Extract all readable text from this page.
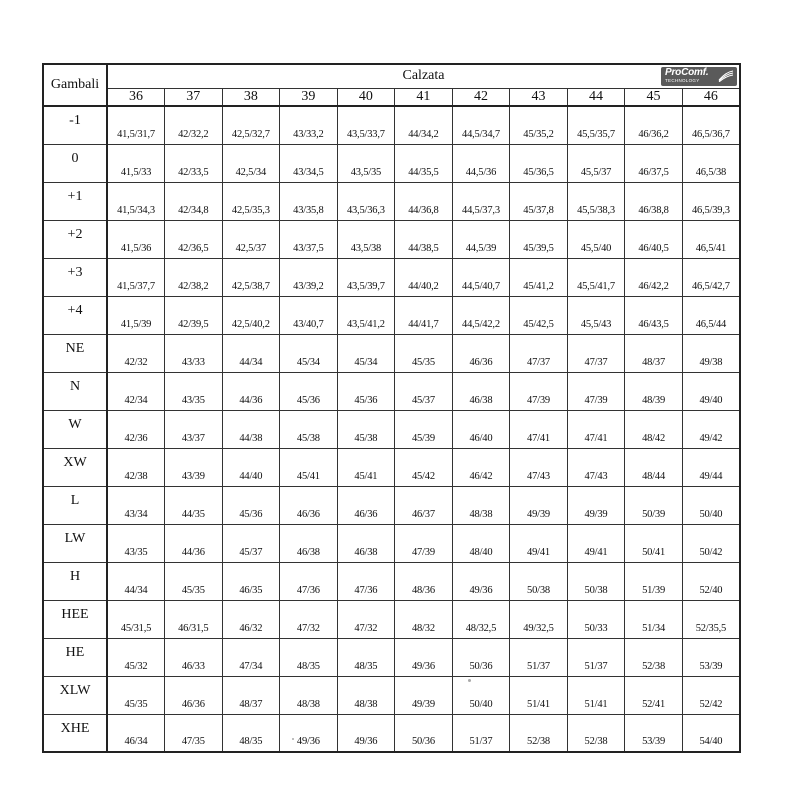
Gambali	Calzata ProComf.
TECHNOLOGY										

	36	37	38	39	40	41	42	43	44	45	46
-1	41,5/31,7	42/32,2	42,5/32,7	43/33,2	43,5/33,7	44/34,2	44,5/34,7	45/35,2	45,5/35,7	46/36,2	46,5/36,7
0	41,5/33	42/33,5	42,5/34	43/34,5	43,5/35	44/35,5	44,5/36	45/36,5	45,5/37	46/37,5	46,5/38
+1	41,5/34,3	42/34,8	42,5/35,3	43/35,8	43,5/36,3	44/36,8	44,5/37,3	45/37,8	45,5/38,3	46/38,8	46,5/39,3
+2	41,5/36	42/36,5	42,5/37	43/37,5	43,5/38	44/38,5	44,5/39	45/39,5	45,5/40	46/40,5	46,5/41
+3	41,5/37,7	42/38,2	42,5/38,7	43/39,2	43,5/39,7	44/40,2	44,5/40,7	45/41,2	45,5/41,7	46/42,2	46,5/42,7
+4	41,5/39	42/39,5	42,5/40,2	43/40,7	43,5/41,2	44/41,7	44,5/42,2	45/42,5	45,5/43	46/43,5	46,5/44
NE	42/32	43/33	44/34	45/34	45/34	45/35	46/36	47/37	47/37	48/37	49/38
N	42/34	43/35	44/36	45/36	45/36	45/37	46/38	47/39	47/39	48/39	49/40
W	42/36	43/37	44/38	45/38	45/38	45/39	46/40	47/41	47/41	48/42	49/42
XW	42/38	43/39	44/40	45/41	45/41	45/42	46/42	47/43	47/43	48/44	49/44
L	43/34	44/35	45/36	46/36	46/36	46/37	48/38	49/39	49/39	50/39	50/40
LW	43/35	44/36	45/37	46/38	46/38	47/39	48/40	49/41	49/41	50/41	50/42
H	44/34	45/35	46/35	47/36	47/36	48/36	49/36	50/38	50/38	51/39	52/40
HEE	45/31,5	46/31,5	46/32	47/32	47/32	48/32	48/32,5	49/32,5	50/33	51/34	52/35,5
HE	45/32	46/33	47/34	48/35	48/35	49/36	50/36	51/37	51/37	52/38	53/39
XLW	45/35	46/36	48/37	48/38	48/38	49/39	50/40	51/41	51/41	52/41	52/42
XHE	46/34	47/35	48/35	49/36	49/36	50/36	51/37	52/38	52/38	53/39	54/40
